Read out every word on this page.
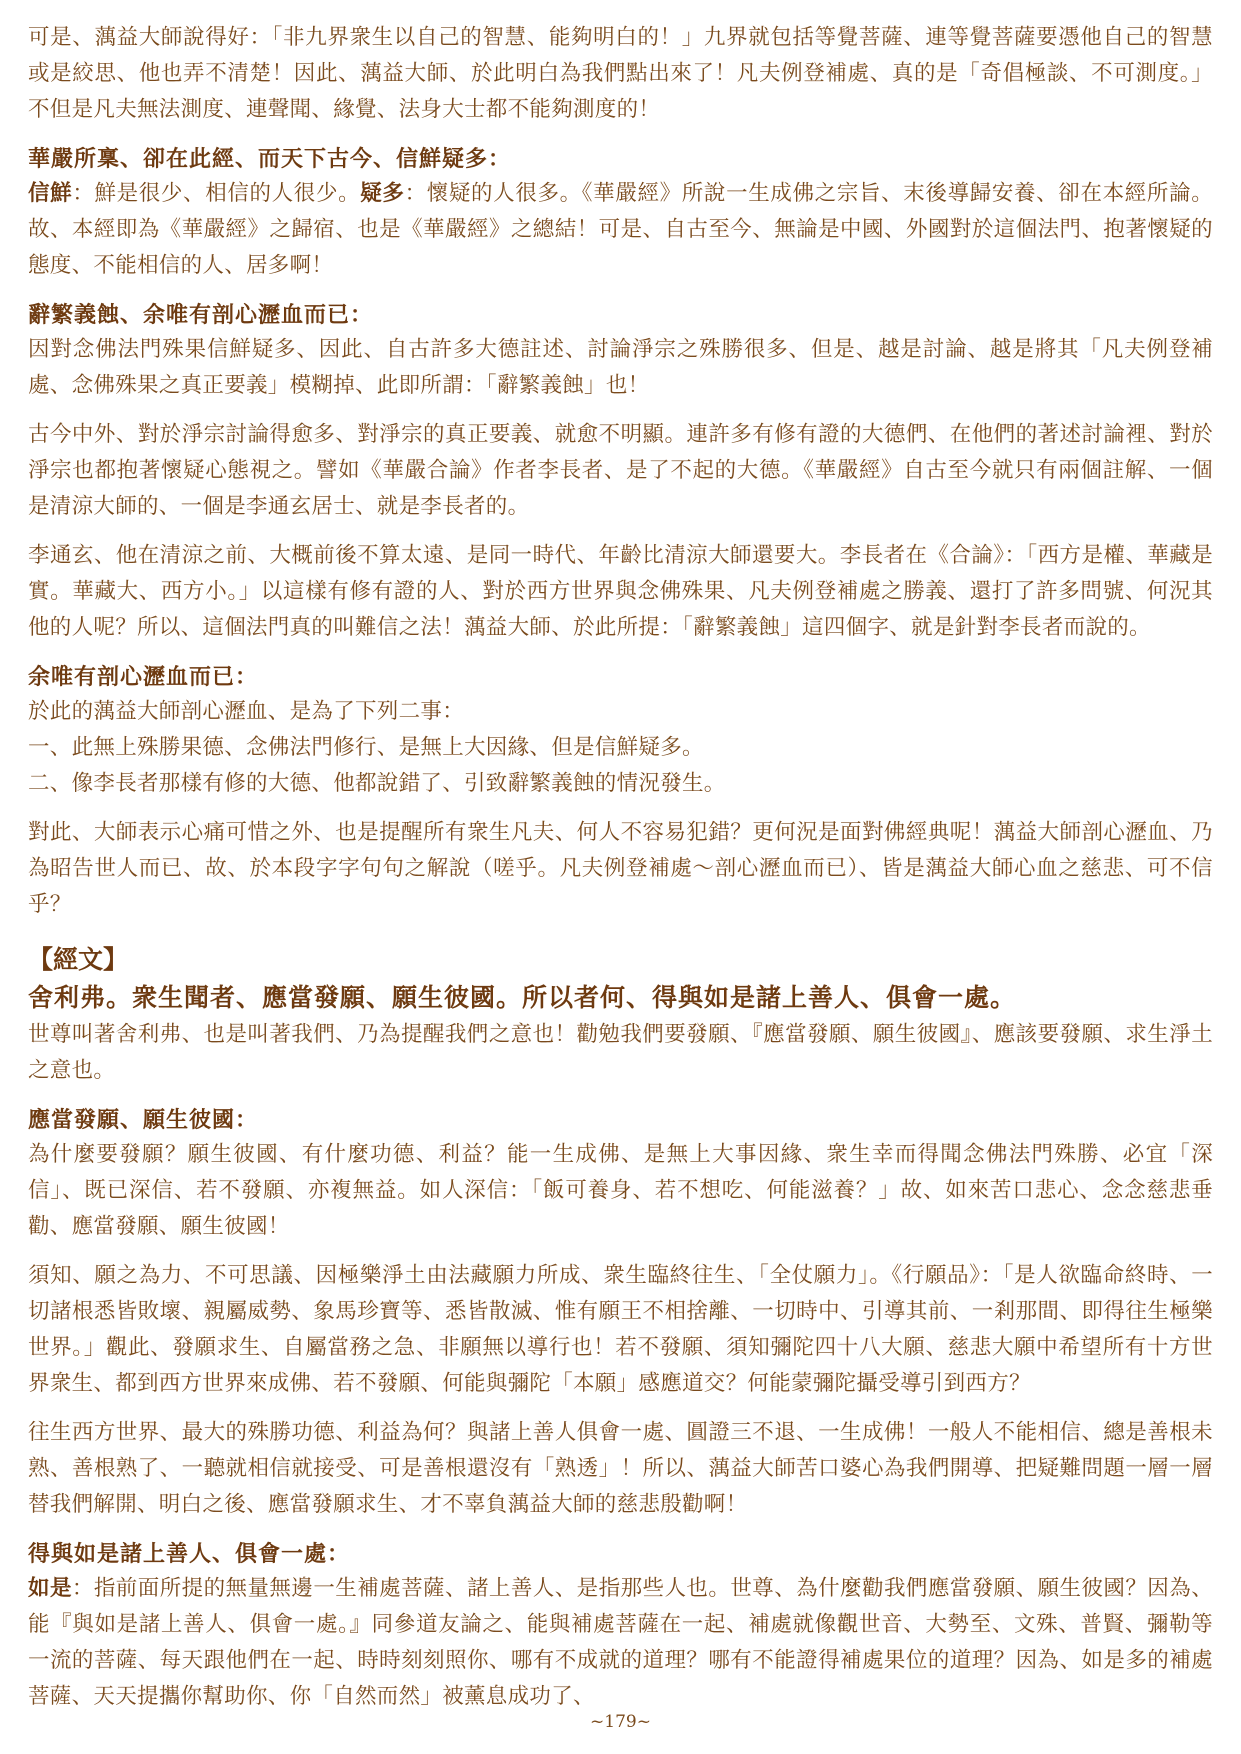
可是、蕅益大師說得好：「非九界衆生以自己的智慧、能夠明白的！」九界就包括等覺菩薩、連等覺菩薩要憑他自己的智慧或是絞思、他也弄不清楚！因此、蕅益大師、於此明白為我們點出來了！凡夫例登補處、真的是「奇倡極談、不可測度。」不但是凡夫無法測度、連聲聞、緣覺、法身大士都不能夠測度的！

華嚴所稟、卻在此經、而天下古今、信鮮疑多：

信鮮：鮮是很少、相信的人很少。疑多：懷疑的人很多。《華嚴經》所說一生成佛之宗旨、末後導歸安養、卻在本經所論。故、本經即為《華嚴經》之歸宿、也是《華嚴經》之總結！可是、自古至今、無論是中國、外國對於這個法門、抱著懷疑的態度、不能相信的人、居多啊！

辭繁義蝕、余唯有剖心瀝血而已：

因對念佛法門殊果信鮮疑多、因此、自古許多大德註述、討論淨宗之殊勝很多、但是、越是討論、越是將其「凡夫例登補處、念佛殊果之真正要義」模糊掉、此即所謂：「辭繁義蝕」也！

古今中外、對於淨宗討論得愈多、對淨宗的真正要義、就愈不明顯。連許多有修有證的大德們、在他們的著述討論裡、對於淨宗也都抱著懷疑心態視之。譬如《華嚴合論》作者李長者、是了不起的大德。《華嚴經》自古至今就只有兩個註解、一個是清涼大師的、一個是李通玄居士、就是李長者的。

李通玄、他在清涼之前、大概前後不算太遠、是同一時代、年齡比清涼大師還要大。李長者在《合論》：「西方是權、華藏是實。華藏大、西方小。」以這樣有修有證的人、對於西方世界與念佛殊果、凡夫例登補處之勝義、還打了許多問號、何況其他的人呢？所以、這個法門真的叫難信之法！蕅益大師、於此所提：「辭繁義蝕」這四個字、就是針對李長者而說的。

余唯有剖心瀝血而已：

於此的蕅益大師剖心瀝血、是為了下列二事：
一、此無上殊勝果德、念佛法門修行、是無上大因緣、但是信鮮疑多。
二、像李長者那樣有修的大德、他都說錯了、引致辭繁義蝕的情況發生。

對此、大師表示心痛可惜之外、也是提醒所有衆生凡夫、何人不容易犯錯？更何況是面對佛經典呢！蕅益大師剖心瀝血、乃為昭告世人而已、故、於本段字字句句之解說（嗟乎。凡夫例登補處～剖心瀝血而已）、皆是蕅益大師心血之慈悲、可不信乎？

【經文】
舍利弗。衆生聞者、應當發願、願生彼國。所以者何、得與如是諸上善人、俱會一處。

世尊叫著舍利弗、也是叫著我們、乃為提醒我們之意也！勸勉我們要發願、『應當發願、願生彼國』、應該要發願、求生淨土之意也。

應當發願、願生彼國：

為什麼要發願？願生彼國、有什麼功德、利益？能一生成佛、是無上大事因緣、衆生幸而得聞念佛法門殊勝、必宜「深信」、既已深信、若不發願、亦複無益。如人深信：「飯可養身、若不想吃、何能滋養？」故、如來苦口悲心、念念慈悲垂勸、應當發願、願生彼國！

須知、願之為力、不可思議、因極樂淨土由法藏願力所成、衆生臨終往生、「全仗願力」。《行願品》：「是人欲臨命終時、一切諸根悉皆敗壞、親屬威勢、象馬珍寶等、悉皆散滅、惟有願王不相捨離、一切時中、引導其前、一剎那間、即得往生極樂世界。」觀此、發願求生、自屬當務之急、非願無以導行也！若不發願、須知彌陀四十八大願、慈悲大願中希望所有十方世界衆生、都到西方世界來成佛、若不發願、何能與彌陀「本願」感應道交？何能蒙彌陀攝受導引到西方？

往生西方世界、最大的殊勝功德、利益為何？與諸上善人俱會一處、圓證三不退、一生成佛！一般人不能相信、總是善根未熟、善根熟了、一聽就相信就接受、可是善根還沒有「熟透」！所以、蕅益大師苦口婆心為我們開導、把疑難問題一層一層替我們解開、明白之後、應當發願求生、才不辜負蕅益大師的慈悲殷勸啊！

得與如是諸上善人、俱會一處：

如是：指前面所提的無量無邊一生補處菩薩、諸上善人、是指那些人也。世尊、為什麼勸我們應當發願、願生彼國？因為、能『與如是諸上善人、俱會一處。』同參道友論之、能與補處菩薩在一起、補處就像觀世音、大勢至、文殊、普賢、彌勒等一流的菩薩、每天跟他們在一起、時時刻刻照你、哪有不成就的道理？哪有不能證得補處果位的道理？因為、如是多的補處菩薩、天天提攜你幫助你、你「自然而然」被薰息成功了、

~179~
